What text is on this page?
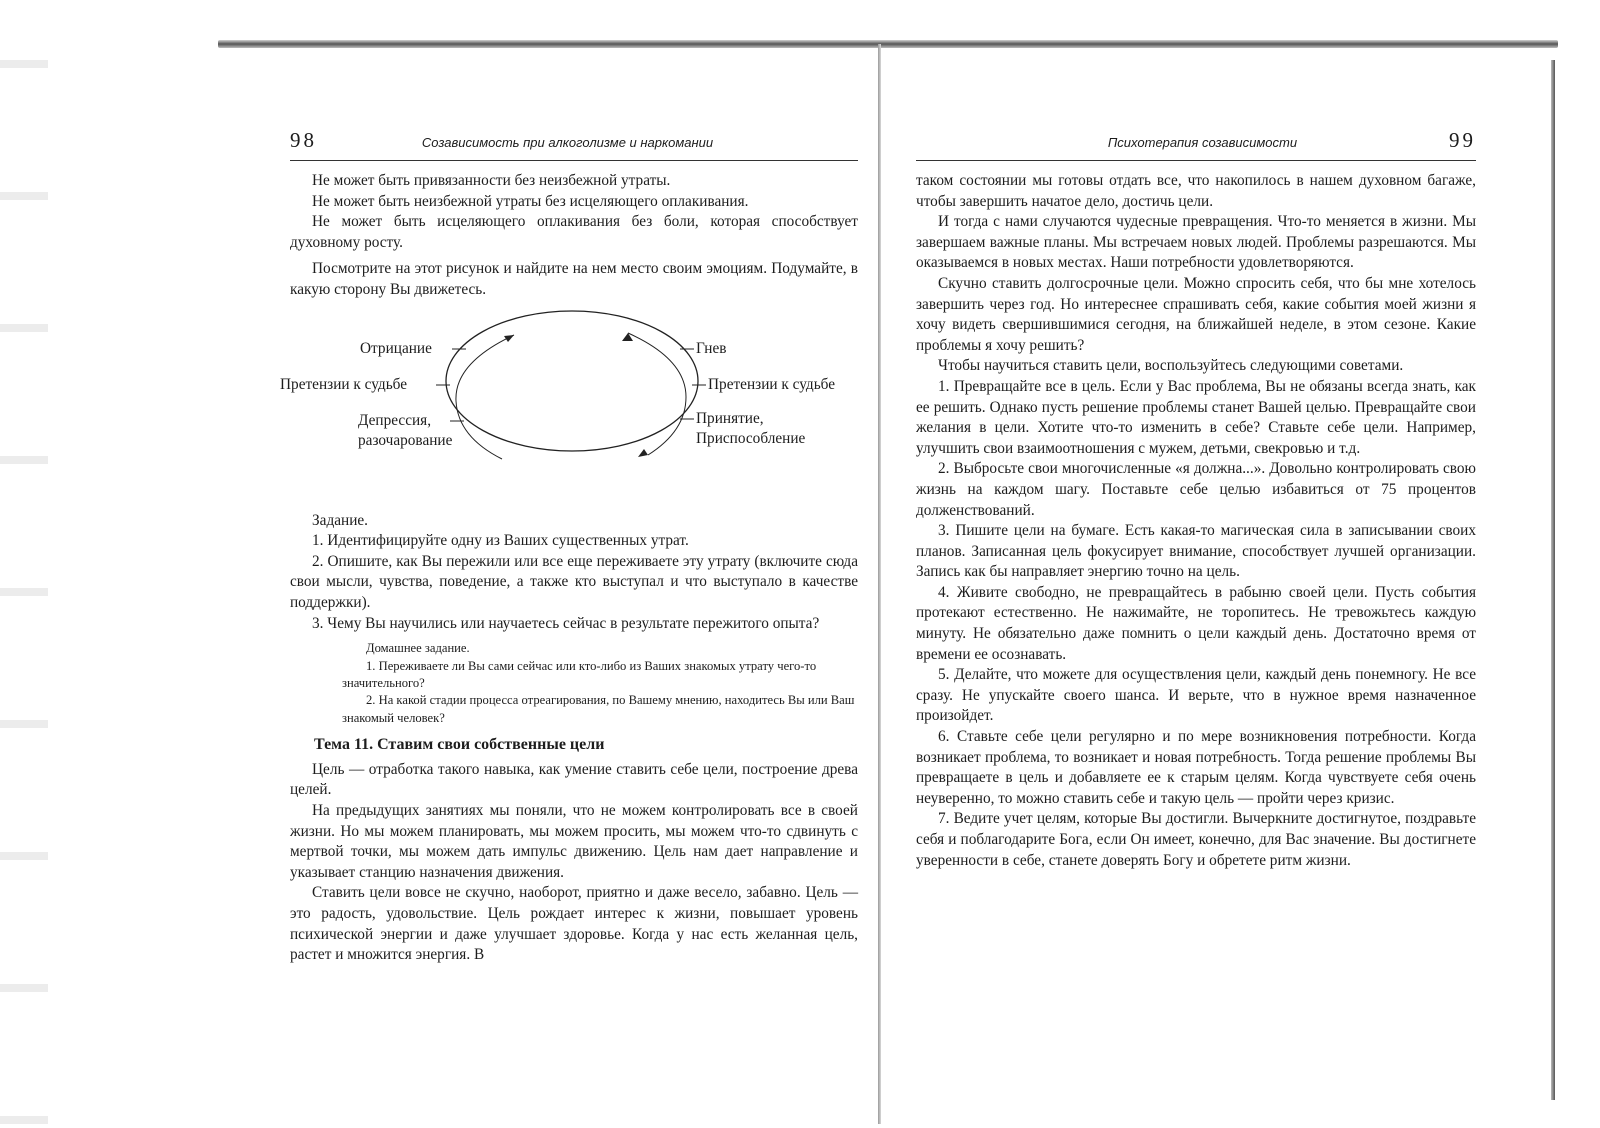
98	Созависимость при алкоголизме и наркомании

Не может быть привязанности без неизбежной утраты.

Не может быть неизбежной утраты без исцеляющего оплакивания.

Не может быть исцеляющего оплакивания без боли, которая способствует духовному росту.

Посмотрите на этот рисунок и найдите на нем место своим эмоциям. Подумайте, в какую сторону Вы движетесь.

Отрицание
Претензии к судьбе
Депрессия,
разочарование
Гнев
Претензии к судьбе
Принятие,
Приспособление

Задание.

1. Идентифицируйте одну из Ваших существенных утрат.

2. Опишите, как Вы пережили или все еще переживаете эту утрату (включите сюда свои мысли, чувства, поведение, а также кто выступал и что выступало в качестве поддержки).

3. Чему Вы научились или научаетесь сейчас в результате пережитого опыта?

Домашнее задание.

1. Переживаете ли Вы сами сейчас или кто-либо из Ваших знакомых утрату чего-то значительного?

2. На какой стадии процесса отреагирования, по Вашему мнению, находитесь Вы или Ваш знакомый человек?

Тема 11. Ставим свои собственные цели

Цель — отработка такого навыка, как умение ставить себе цели, построение древа целей.

На предыдущих занятиях мы поняли, что не можем контролировать все в своей жизни. Но мы можем планировать, мы можем просить, мы можем что-то сдвинуть с мертвой точки, мы можем дать импульс движению. Цель нам дает направление и указывает станцию назначения движения.

Ставить цели вовсе не скучно, наоборот, приятно и даже весело, забавно. Цель — это радость, удовольствие. Цель рождает интерес к жизни, повышает уровень психической энергии и даже улучшает здоровье. Когда у нас есть желанная цель, растет и множится энергия. В

Психотерапия созависимости	99

таком состоянии мы готовы отдать все, что накопилось в нашем духовном багаже, чтобы завершить начатое дело, достичь цели.

И тогда с нами случаются чудесные превращения. Что-то меняется в жизни. Мы завершаем важные планы. Мы встречаем новых людей. Проблемы разрешаются. Мы оказываемся в новых местах. Наши потребности удовлетворяются.

Скучно ставить долгосрочные цели. Можно спросить себя, что бы мне хотелось завершить через год. Но интереснее спрашивать себя, какие события моей жизни я хочу видеть свершившимися сегодня, на ближайшей неделе, в этом сезоне. Какие проблемы я хочу решить?

Чтобы научиться ставить цели, воспользуйтесь следующими советами.

1. Превращайте все в цель. Если у Вас проблема, Вы не обязаны всегда знать, как ее решить. Однако пусть решение проблемы станет Вашей целью. Превращайте свои желания в цели. Хотите что-то изменить в себе? Ставьте себе цели. Например, улучшить свои взаимоотношения с мужем, детьми, свекровью и т.д.

2. Выбросьте свои многочисленные «я должна...». Довольно контролировать свою жизнь на каждом шагу. Поставьте себе целью избавиться от 75 процентов долженствований.

3. Пишите цели на бумаге. Есть какая-то магическая сила в записывании своих планов. Записанная цель фокусирует внимание, способствует лучшей организации. Запись как бы направляет энергию точно на цель.

4. Живите свободно, не превращайтесь в рабыню своей цели. Пусть события протекают естественно. Не нажимайте, не торопитесь. Не тревожьтесь каждую минуту. Не обязательно даже помнить о цели каждый день. Достаточно время от времени ее осознавать.

5. Делайте, что можете для осуществления цели, каждый день понемногу. Не все сразу. Не упускайте своего шанса. И верьте, что в нужное время назначенное произойдет.

6. Ставьте себе цели регулярно и по мере возникновения потребности. Когда возникает проблема, то возникает и новая потребность. Тогда решение проблемы Вы превращаете в цель и добавляете ее к старым целям. Когда чувствуете себя очень неуверенно, то можно ставить себе и такую цель — пройти через кризис.

7. Ведите учет целям, которые Вы достигли. Вычеркните достигнутое, поздравьте себя и поблагодарите Бога, если Он имеет, конечно, для Вас значение. Вы достигнете уверенности в себе, станете доверять Богу и обретете ритм жизни.
